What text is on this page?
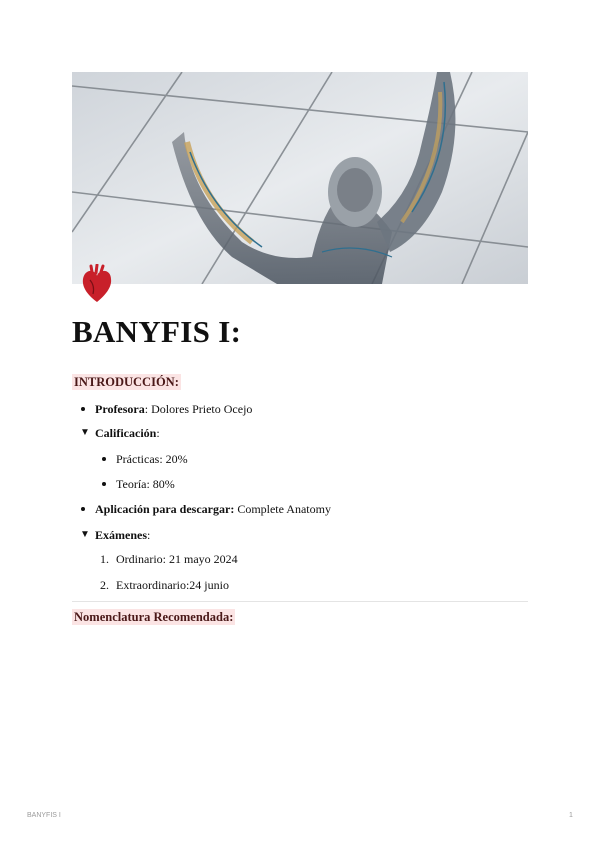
BANYFIS I:

INTRODUCCIÓN:

Profesora: Dolores Prieto Ocejo
▼ Calificación:
Prácticas: 20%
Teoría: 80%
Aplicación para descargar: Complete Anatomy
▼ Exámenes:
1. Ordinario: 21 mayo 2024
2. Extraordinario:24 junio

Nomenclatura Recomendada:

BANYFIS I	1
